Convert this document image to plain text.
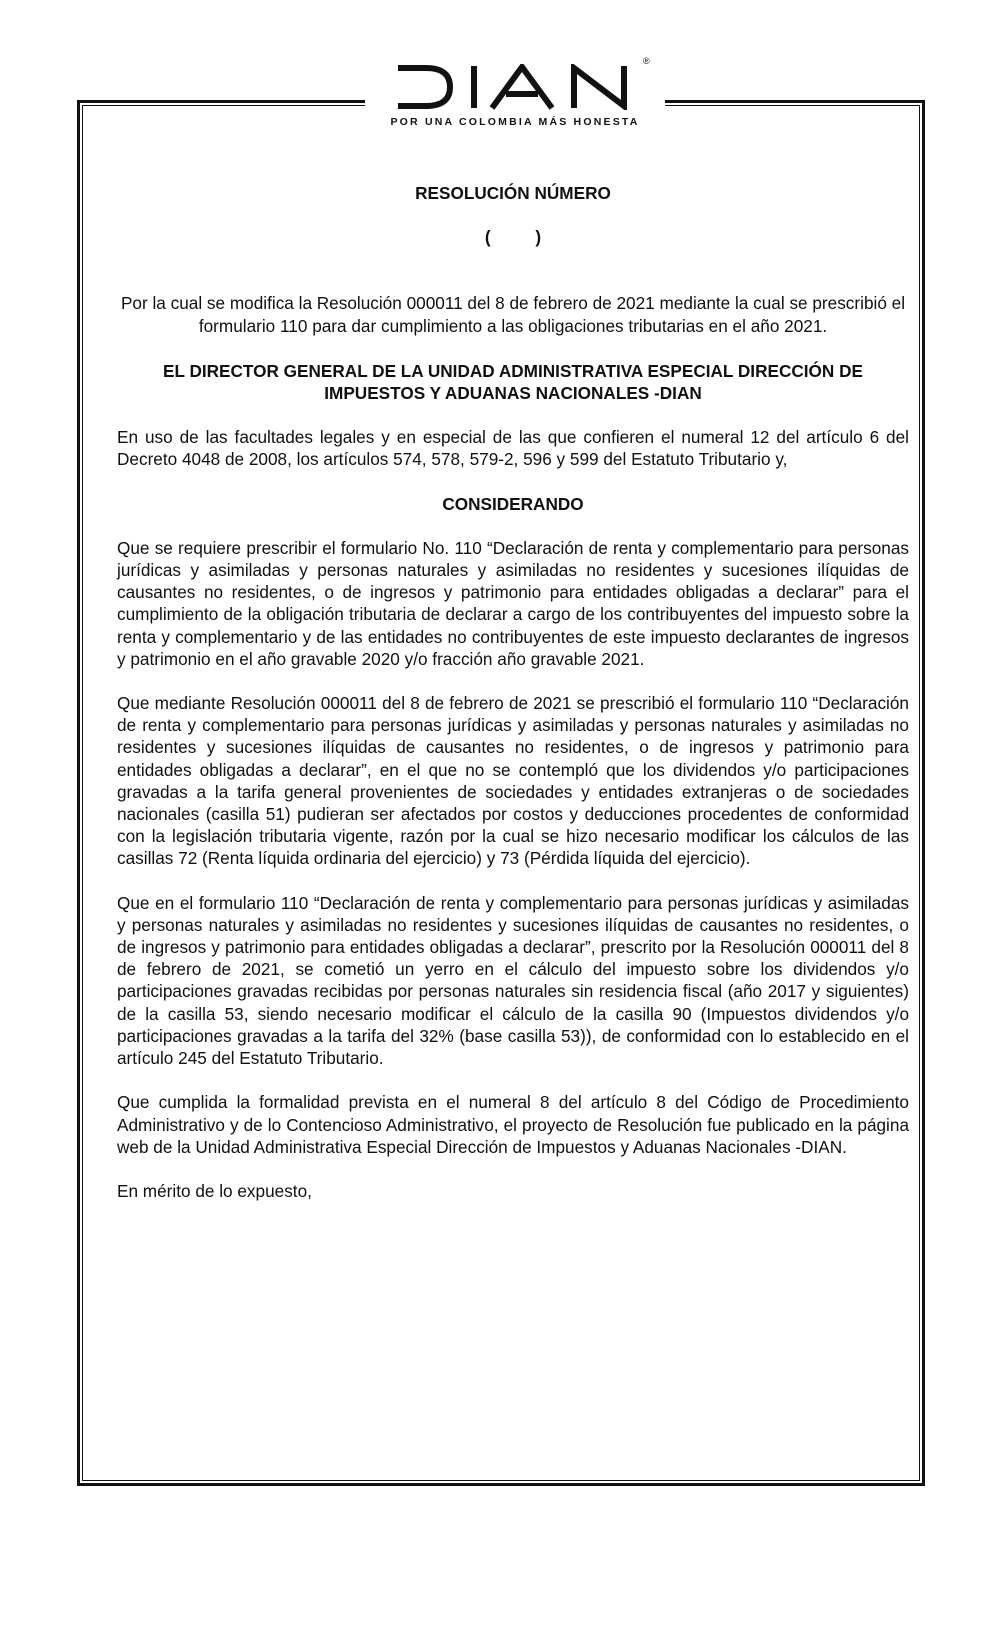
POR UNA COLOMBIA MÁS HONESTA
®
RESOLUCIÓN NÚMERO
( )
Por la cual se modifica la Resolución 000011 del 8 de febrero de 2021 mediante la cual se prescribió el formulario 110 para dar cumplimiento a las obligaciones tributarias en el año 2021.
EL DIRECTOR GENERAL DE LA UNIDAD ADMINISTRATIVA ESPECIAL DIRECCIÓN DE IMPUESTOS Y ADUANAS NACIONALES -DIAN

En uso de las facultades legales y en especial de las que confieren el numeral 12 del artículo 6 del Decreto 4048 de 2008, los artículos 574, 578, 579-2, 596 y 599 del Estatuto Tributario y,

CONSIDERANDO

Que se requiere prescribir el formulario No. 110 “Declaración de renta y complementario para personas jurídicas y asimiladas y personas naturales y asimiladas no residentes y sucesiones ilíquidas de causantes no residentes, o de ingresos y patrimonio para entidades obligadas a declarar” para el cumplimiento de la obligación tributaria de declarar a cargo de los contribuyentes del impuesto sobre la renta y complementario y de las entidades no contribuyentes de este impuesto declarantes de ingresos y patrimonio en el año gravable 2020 y/o fracción año gravable 2021.

Que mediante Resolución 000011 del 8 de febrero de 2021 se prescribió el formulario 110 “Declaración de renta y complementario para personas jurídicas y asimiladas y personas naturales y asimiladas no residentes y sucesiones ilíquidas de causantes no residentes, o de ingresos y patrimonio para entidades obligadas a declarar”, en el que no se contempló que los dividendos y/o participaciones gravadas a la tarifa general provenientes de sociedades y entidades extranjeras o de sociedades nacionales (casilla 51) pudieran ser afectados por costos y deducciones procedentes de conformidad con la legislación tributaria vigente, razón por la cual se hizo necesario modificar los cálculos de las casillas 72 (Renta líquida ordinaria del ejercicio) y 73 (Pérdida líquida del ejercicio).

Que en el formulario 110 “Declaración de renta y complementario para personas jurídicas y asimiladas y personas naturales y asimiladas no residentes y sucesiones ilíquidas de causantes no residentes, o de ingresos y patrimonio para entidades obligadas a declarar”, prescrito por la Resolución 000011 del 8 de febrero de 2021, se cometió un yerro en el cálculo del impuesto sobre los dividendos y/o participaciones gravadas recibidas por personas naturales sin residencia fiscal (año 2017 y siguientes) de la casilla 53, siendo necesario modificar el cálculo de la casilla 90 (Impuestos dividendos y/o participaciones gravadas a la tarifa del 32% (base casilla 53)), de conformidad con lo establecido en el artículo 245 del Estatuto Tributario.

Que cumplida la formalidad prevista en el numeral 8 del artículo 8 del Código de Procedimiento Administrativo y de lo Contencioso Administrativo, el proyecto de Resolución fue publicado en la página web de la Unidad Administrativa Especial Dirección de Impuestos y Aduanas Nacionales -DIAN.

En mérito de lo expuesto,
